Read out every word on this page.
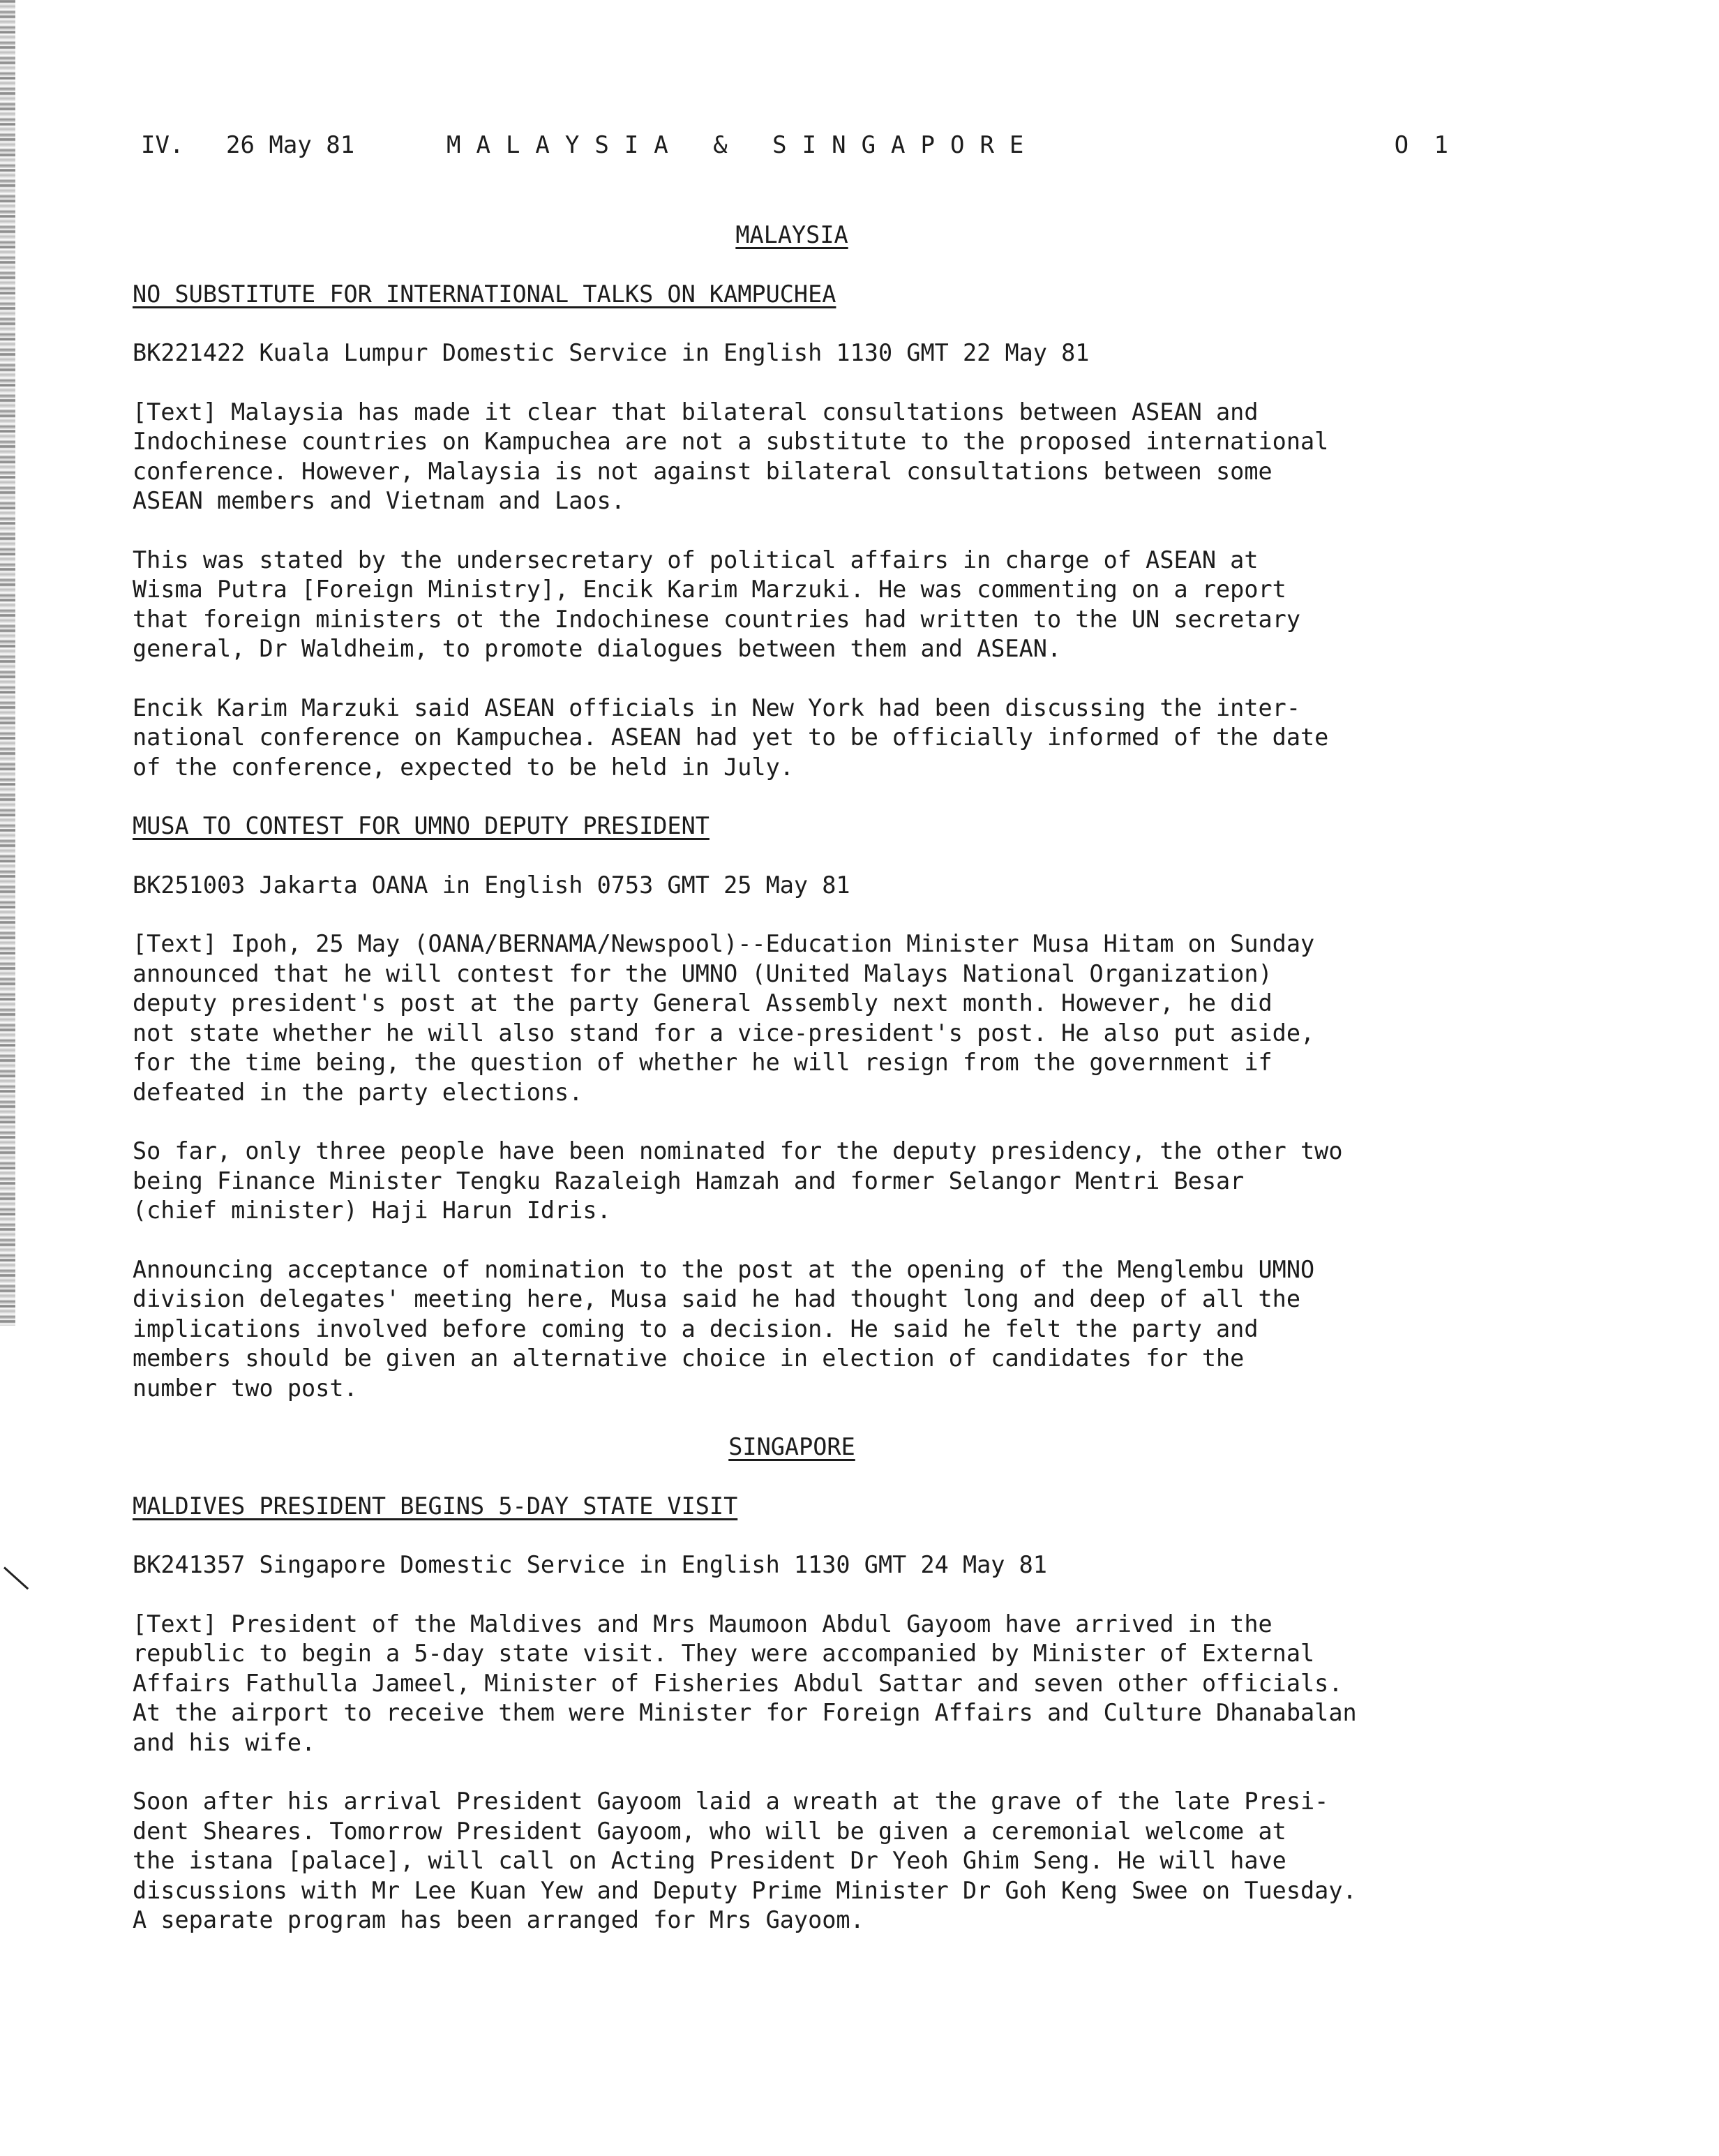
IV. 26 May 81	MALAYSIA & SINGAPORE	O 1
MALAYSIA
NO SUBSTITUTE FOR INTERNATIONAL TALKS ON KAMPUCHEA
BK221422 Kuala Lumpur Domestic Service in English 1130 GMT 22 May 81
[Text] Malaysia has made it clear that bilateral consultations between ASEAN and
Indochinese countries on Kampuchea are not a substitute to the proposed international
conference. However, Malaysia is not against bilateral consultations between some
ASEAN members and Vietnam and Laos.
This was stated by the undersecretary of political affairs in charge of ASEAN at
Wisma Putra [Foreign Ministry], Encik Karim Marzuki. He was commenting on a report
that foreign ministers ot the Indochinese countries had written to the UN secretary
general, Dr Waldheim, to promote dialogues between them and ASEAN.
Encik Karim Marzuki said ASEAN officials in New York had been discussing the inter-
national conference on Kampuchea. ASEAN had yet to be officially informed of the date
of the conference, expected to be held in July.
MUSA TO CONTEST FOR UMNO DEPUTY PRESIDENT
BK251003 Jakarta OANA in English 0753 GMT 25 May 81
[Text] Ipoh, 25 May (OANA/BERNAMA/Newspool)--Education Minister Musa Hitam on Sunday
announced that he will contest for the UMNO (United Malays National Organization)
deputy president's post at the party General Assembly next month. However, he did
not state whether he will also stand for a vice-president's post. He also put aside,
for the time being, the question of whether he will resign from the government if
defeated in the party elections.
So far, only three people have been nominated for the deputy presidency, the other two
being Finance Minister Tengku Razaleigh Hamzah and former Selangor Mentri Besar
(chief minister) Haji Harun Idris.
Announcing acceptance of nomination to the post at the opening of the Menglembu UMNO
division delegates' meeting here, Musa said he had thought long and deep of all the
implications involved before coming to a decision. He said he felt the party and
members should be given an alternative choice in election of candidates for the
number two post.
SINGAPORE
MALDIVES PRESIDENT BEGINS 5-DAY STATE VISIT
BK241357 Singapore Domestic Service in English 1130 GMT 24 May 81
[Text] President of the Maldives and Mrs Maumoon Abdul Gayoom have arrived in the
republic to begin a 5-day state visit. They were accompanied by Minister of External
Affairs Fathulla Jameel, Minister of Fisheries Abdul Sattar and seven other officials.
At the airport to receive them were Minister for Foreign Affairs and Culture Dhanabalan
and his wife.
Soon after his arrival President Gayoom laid a wreath at the grave of the late Presi-
dent Sheares. Tomorrow President Gayoom, who will be given a ceremonial welcome at
the istana [palace], will call on Acting President Dr Yeoh Ghim Seng. He will have
discussions with Mr Lee Kuan Yew and Deputy Prime Minister Dr Goh Keng Swee on Tuesday.
A separate program has been arranged for Mrs Gayoom.
